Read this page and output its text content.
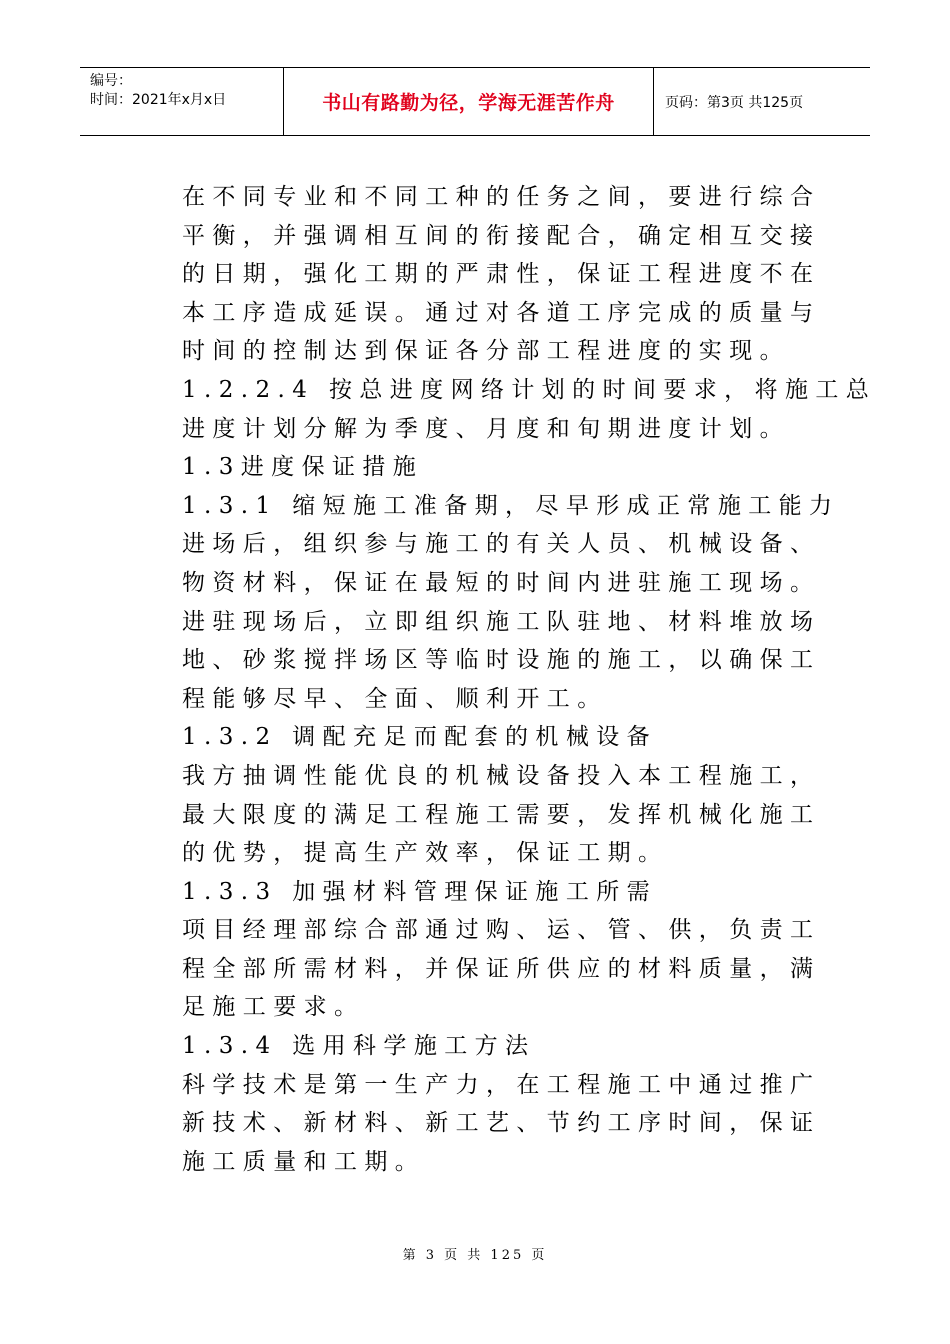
编号：
时间：2021年x月x日	书山有路勤为径，学海无涯苦作舟	页码：第3页 共125页
在不同专业和不同工种的任务之间，要进行综合
平衡，并强调相互间的衔接配合，确定相互交接
的日期，强化工期的严肃性，保证工程进度不在
本工序造成延误。通过对各道工序完成的质量与
时间的控制达到保证各分部工程进度的实现。
1.2.2.4 按总进度网络计划的时间要求，将施工总
进度计划分解为季度、月度和旬期进度计划。
1.3进度保证措施
1.3.1 缩短施工准备期，尽早形成正常施工能力
进场后，组织参与施工的有关人员、机械设备、
物资材料，保证在最短的时间内进驻施工现场。
进驻现场后，立即组织施工队驻地、材料堆放场
地、砂浆搅拌场区等临时设施的施工，以确保工
程能够尽早、全面、顺利开工。
1.3.2 调配充足而配套的机械设备
我方抽调性能优良的机械设备投入本工程施工，
最大限度的满足工程施工需要，发挥机械化施工
的优势，提高生产效率，保证工期。
1.3.3 加强材料管理保证施工所需
项目经理部综合部通过购、运、管、供，负责工
程全部所需材料，并保证所供应的材料质量，满
足施工要求。
1.3.4 选用科学施工方法
科学技术是第一生产力，在工程施工中通过推广
新技术、新材料、新工艺、节约工序时间，保证
施工质量和工期。
第 3 页 共 125 页
